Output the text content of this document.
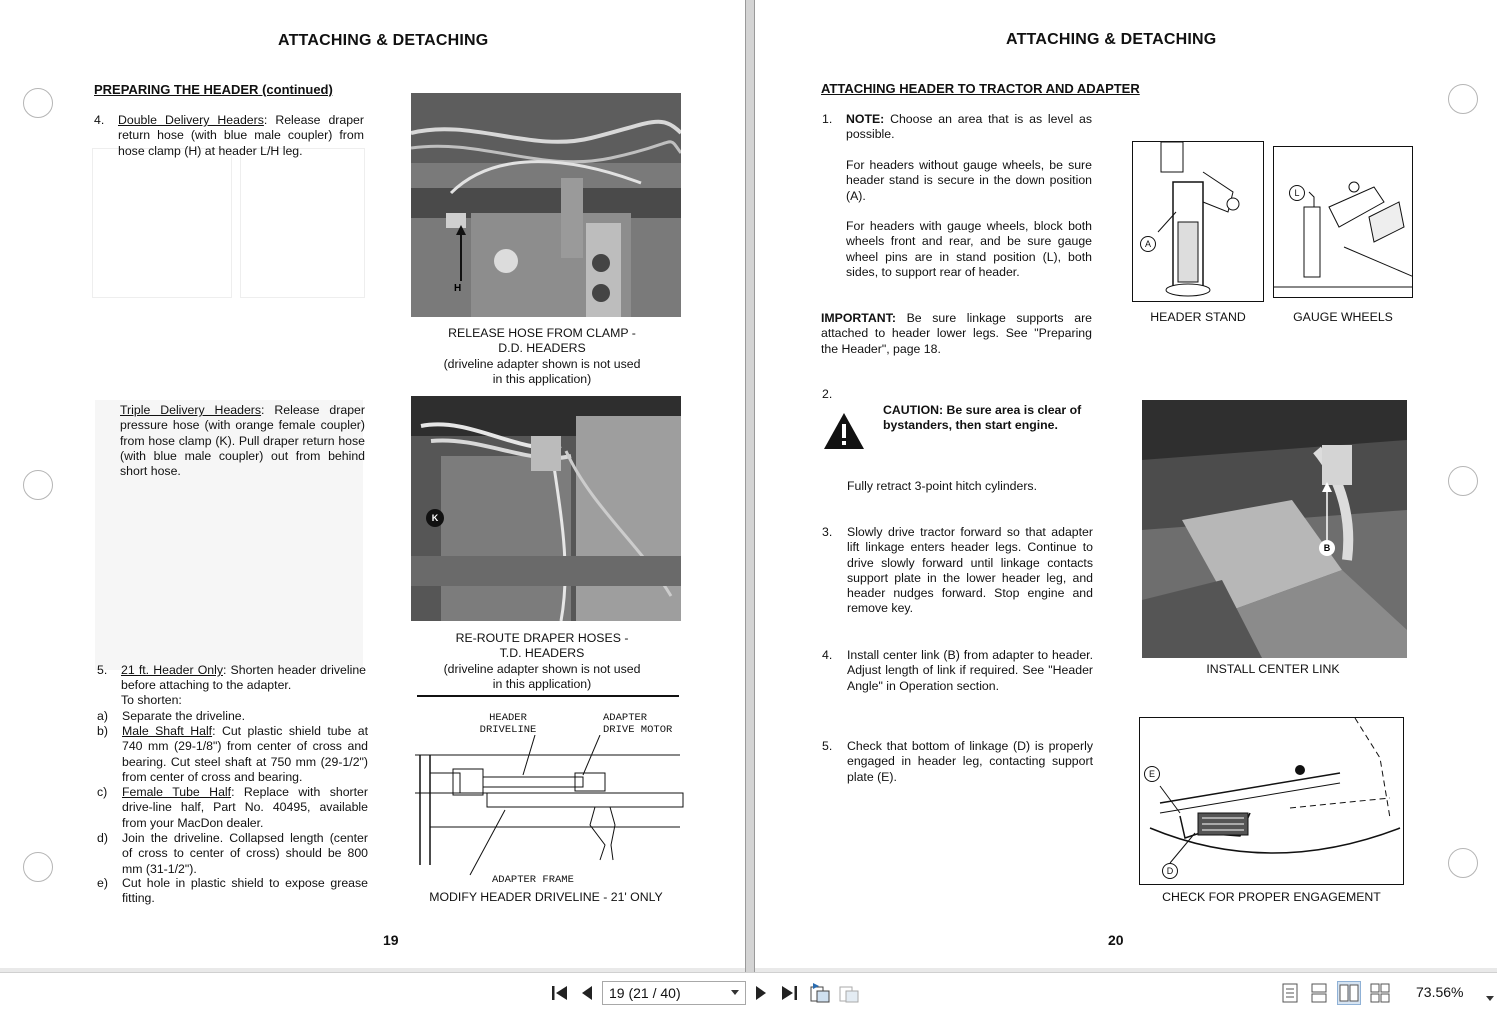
ATTACHING & DETACHING
PREPARING THE HEADER (continued)
4. Double Delivery Headers: Release draper return hose (with blue male coupler) from hose clamp (H) at header L/H leg.
Triple Delivery Headers: Release draper pressure hose (with orange female coupler) from hose clamp (K). Pull draper return hose (with blue male coupler) out from behind short hose.
5. 21 ft. Header Only: Shorten header driveline before attaching to the adapter.
To shorten:
a) Separate the driveline.
b) Male Shaft Half: Cut plastic shield tube at 740 mm (29-1/8") from center of cross and bearing. Cut steel shaft at 750 mm (29-1/2") from center of cross and bearing.
c) Female Tube Half: Replace with shorter drive-line half, Part No. 40495, available from your MacDon dealer.
d) Join the driveline. Collapsed length (center of cross to center of cross) should be 800 mm (31-1/2").
e) Cut hole in plastic shield to expose grease fitting.
H
RELEASE HOSE FROM CLAMP -
D.D. HEADERS
(driveline adapter shown is not used
in this application)
K
RE-ROUTE DRAPER HOSES -
T.D. HEADERS
(driveline adapter shown is not used
in this application)
HEADER
DRIVELINE
ADAPTER
DRIVE MOTOR
ADAPTER FRAME
MODIFY HEADER DRIVELINE - 21' ONLY
19
ATTACHING & DETACHING
ATTACHING HEADER TO TRACTOR AND ADAPTER
1. NOTE: Choose an area that is as level as possible.
For headers without gauge wheels, be sure header stand is secure in the down position (A).
For headers with gauge wheels, block both wheels front and rear, and be sure gauge wheel pins are in stand position (L), both sides, to support rear of header.
IMPORTANT: Be sure linkage supports are attached to header lower legs. See "Preparing the Header", page 18.
2.
CAUTION: Be sure area is clear of bystanders, then start engine.
Fully retract 3-point hitch cylinders.
3. Slowly drive tractor forward so that adapter lift linkage enters header legs. Continue to drive slowly forward until linkage contacts support plate in the lower header leg, and header nudges forward. Stop engine and remove key.
4. Install center link (B) from adapter to header. Adjust length of link if required. See "Header Angle" in Operation section.
5. Check that bottom of linkage (D) is properly engaged in header leg, contacting support plate (E).
A
HEADER STAND
L
GAUGE WHEELS
B
INSTALL CENTER LINK
E
D
CHECK FOR PROPER ENGAGEMENT
20
19 (21 / 40)	73.56%
